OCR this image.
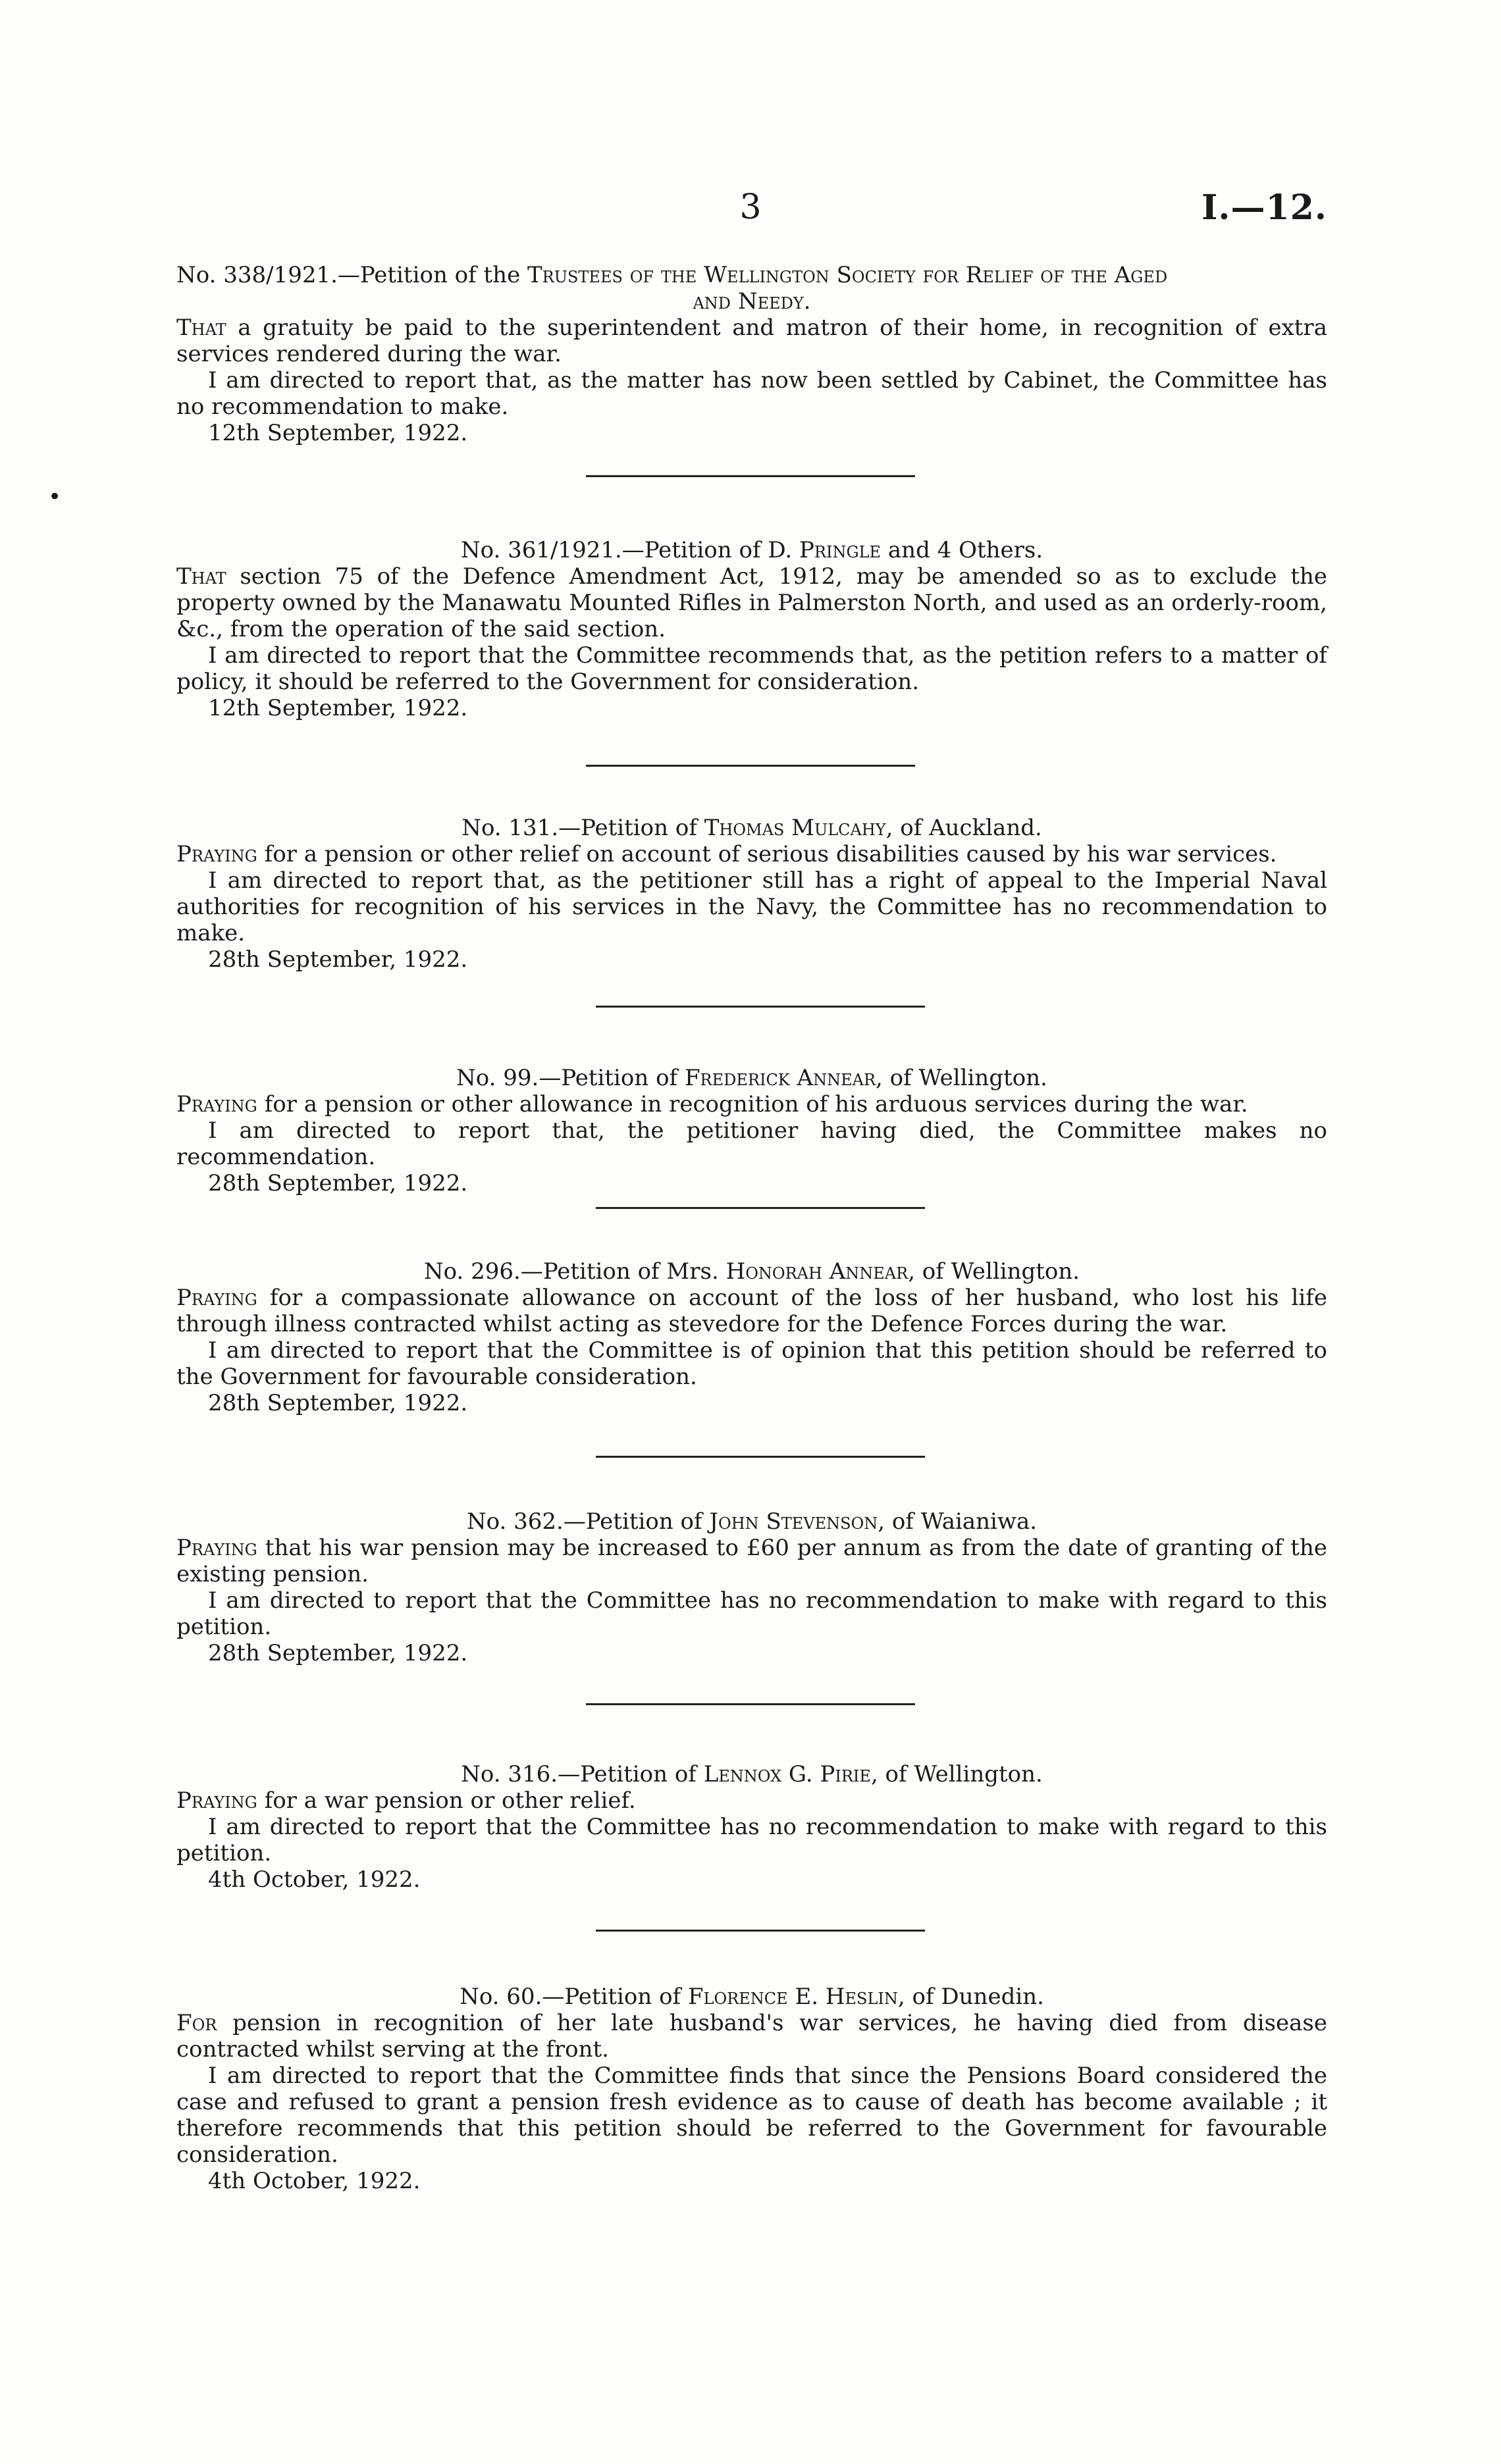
3	I.—12.
•
No. 338/1921.—Petition of the Trustees of the Wellington Society for Relief of the Aged
and Needy.

That a gratuity be paid to the superintendent and matron of their home, in recognition of extra services rendered during the war.

I am directed to report that, as the matter has now been settled by Cabinet, the Committee has no recommendation to make.

12th September, 1922.

No. 361/1921.—Petition of D. Pringle and 4 Others.

That section 75 of the Defence Amendment Act, 1912, may be amended so as to exclude the property owned by the Manawatu Mounted Rifles in Palmerston North, and used as an orderly-room, &c., from the operation of the said section.

I am directed to report that the Committee recommends that, as the petition refers to a matter of policy, it should be referred to the Government for consideration.

12th September, 1922.

No. 131.—Petition of Thomas Mulcahy, of Auckland.

Praying for a pension or other relief on account of serious disabilities caused by his war services.

I am directed to report that, as the petitioner still has a right of appeal to the Imperial Naval authorities for recognition of his services in the Navy, the Committee has no recommendation to make.

28th September, 1922.

No. 99.—Petition of Frederick Annear, of Wellington.

Praying for a pension or other allowance in recognition of his arduous services during the war.

I am directed to report that, the petitioner having died, the Committee makes no recommendation.

28th September, 1922.

No. 296.—Petition of Mrs. Honorah Annear, of Wellington.

Praying for a compassionate allowance on account of the loss of her husband, who lost his life through illness contracted whilst acting as stevedore for the Defence Forces during the war.

I am directed to report that the Committee is of opinion that this petition should be referred to the Government for favourable consideration.

28th September, 1922.

No. 362.—Petition of John Stevenson, of Waianiwa.

Praying that his war pension may be increased to £60 per annum as from the date of granting of the existing pension.

I am directed to report that the Committee has no recommendation to make with regard to this petition.

28th September, 1922.

No. 316.—Petition of Lennox G. Pirie, of Wellington.

Praying for a war pension or other relief.

I am directed to report that the Committee has no recommendation to make with regard to this petition.

4th October, 1922.

No. 60.—Petition of Florence E. Heslin, of Dunedin.

For pension in recognition of her late husband's war services, he having died from disease contracted whilst serving at the front.

I am directed to report that the Committee finds that since the Pensions Board considered the case and refused to grant a pension fresh evidence as to cause of death has become available ; it therefore recommends that this petition should be referred to the Government for favourable consideration.

4th October, 1922.
